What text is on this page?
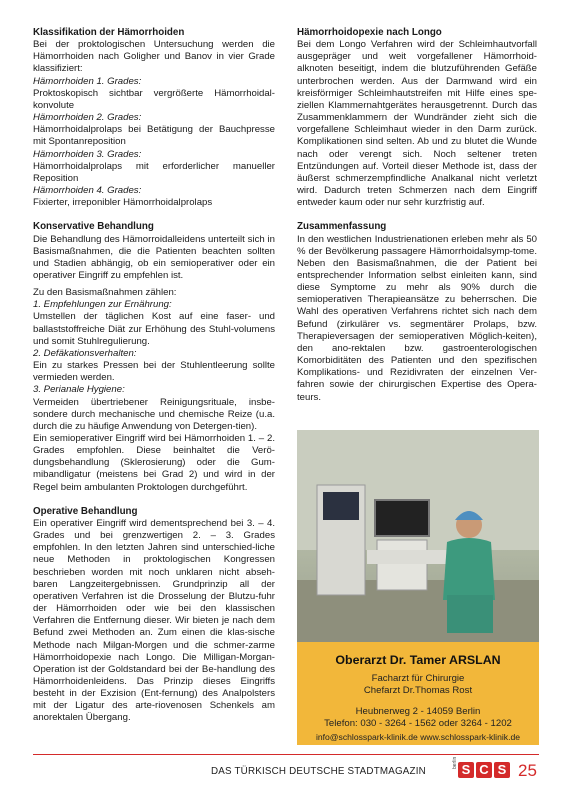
Klassifikation der Hämorrhoiden

Bei der proktologischen Untersuchung werden die Hämorrhoiden nach Goligher und Banov in vier Grade klassifiziert:

Hämorrhoiden 1. Grades:

Proktoskopisch sichtbar vergrößerte Hämorrhoidal-konvolute

Hämorrhoiden 2. Grades:

Hämorrhoidalprolaps bei Betätigung der Bauchpresse mit Spontanreposition

Hämorrhoiden 3. Grades:

Hämorrhoidalprolaps mit erforderlicher manueller Reposition

Hämorrhoiden 4. Grades:

Fixierter, irreponibler Hämorrhoidalprolaps

Konservative Behandlung

Die Behandlung des Hämorroidalleidens unterteilt sich in Basismaßnahmen, die die Patienten beachten sollten und Stadien abhängig, ob ein semioperativer oder ein operativer Eingriff zu empfehlen ist.

Zu den Basismaßnahmen zählen:

1. Empfehlungen zur Ernährung:

Umstellen der täglichen Kost auf eine faser- und ballaststoffreiche Diät zur Erhöhung des Stuhl-volumens und somit Stuhlregulierung.

2. Defäkationsverhalten:

Ein zu starkes Pressen bei der Stuhlentleerung sollte vermieden werden.

3. Perianale Hygiene:

Vermeiden übertriebener Reinigungsrituale, insbe-sondere durch mechanische und chemische Reize (u.a. durch die zu häufige Anwendung von Detergen-tien).

Ein semioperativer Eingriff wird bei Hämorrhoiden 1. – 2. Grades empfohlen. Diese beinhaltet die Verö-dungsbehandlung (Sklerosierung) oder die Gum-mibandligatur (meistens bei Grad 2) und wird in der Regel beim ambulanten Proktologen durchgeführt.

Operative Behandlung

Ein operativer Eingriff wird dementsprechend bei 3. – 4. Grades und bei grenzwertigen 2. – 3. Grades empfohlen. In den letzten Jahren sind unterschied-liche neue Methoden in proktologischen Kongressen beschrieben worden mit noch unklaren nicht abseh-baren Langzeitergebnissen. Grundprinzip all der operativen Verfahren ist die Drosselung der Blutzu-fuhr der Hämorrhoiden oder wie bei den klassischen Verfahren die Entfernung dieser. Wir bieten je nach dem Befund zwei Methoden an. Zum einen die klas-sische Methode nach Milgan-Morgen und die schmer-zarme Hämorrhoidopexie nach Longo. Die Milligan-Morgan-Operation ist der Goldstandard bei der Be-handlung des Hämorrhoidenleidens. Das Prinzip dieses Eingriffs besteht in der Exzision (Ent-fernung) des Analpolsters mit der Ligatur des arte-riovenosen Schenkels am anorektalen Übergang.

Hämorrhoidopexie nach Longo

Bei dem Longo Verfahren wird der Schleimhautvorfall ausgepräger und weit vorgefallener Hämorrhoid-alknoten beseitigt, indem die blutzuführenden Gefäße unterbrochen werden. Aus der Darmwand wird ein kreisförmiger Schleimhautstreifen mit Hilfe eines spe-ziellen Klammernahtgerätes herausgetrennt. Durch das Zusammenklammern der Wundränder zieht sich die vorgefallene Schleimhaut wieder in den Darm zurück. Komplikationen sind selten. Ab und zu blutet die Wunde nach oder verengt sich. Noch seltener treten Entzündungen auf. Vorteil dieser Methode ist, dass der äußerst schmerzempfindliche Analkanal nicht verletzt wird. Dadurch treten Schmerzen nach dem Eingriff entweder kaum oder nur sehr kurzfristig auf.

Zusammenfassung

In den westlichen Industrienationen erleben mehr als 50 % der Bevölkerung passagere Hämorrhoidalsymp-tome. Neben den Basismaßnahmen, die der Patient bei entsprechender Information selbst einleiten kann, sind diese Symptome zu mehr als 90% durch die semioperativen Therapieansätze zu beherrschen. Die Wahl des operativen Verfahrens richtet sich nach dem Befund (zirkulärer vs. segmentärer Prolaps, bzw. Therapieversagen der semioperativen Möglich-keiten), den ano-rektalen bzw. gastroenterologischen Komorbiditäten des Patienten und den spezifischen Komplikations- und Rezidivraten der einzelnen Ver-fahren sowie der chirurgischen Expertise des Opera-teurs.

Oberarzt Dr. Tamer ARSLAN
Facharzt für Chirurgie
Chefarzt Dr.Thomas Rost
Heubnerweg 2 - 14059 Berlin
Telefon: 030 - 3264 - 1562 oder 3264 - 1202
info@schlosspark-klinik.de www.schlosspark-klinik.de
DAS TÜRKISCH DEUTSCHE STADTMAGAZIN
berlin S C S 25
